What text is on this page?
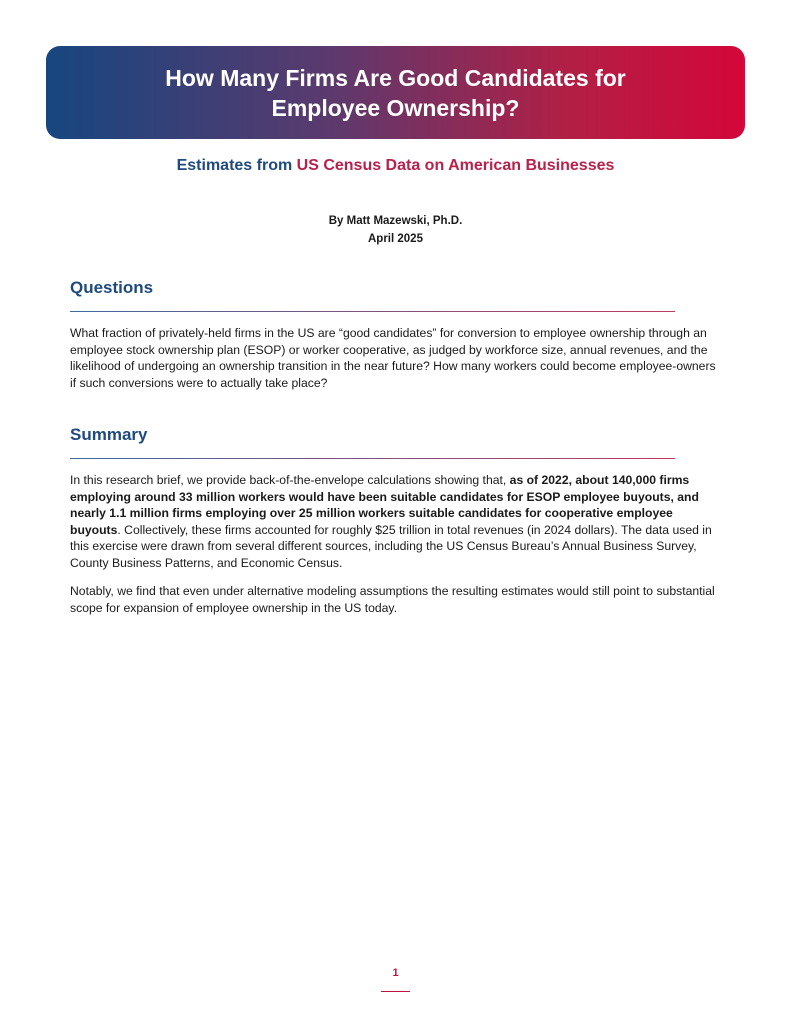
How Many Firms Are Good Candidates for Employee Ownership?
Estimates from US Census Data on American Businesses
By Matt Mazewski, Ph.D.
April 2025
Questions

What fraction of privately-held firms in the US are “good candidates” for conversion to employee ownership through an employee stock ownership plan (ESOP) or worker cooperative, as judged by workforce size, annual revenues, and the likelihood of undergoing an ownership transition in the near future? How many workers could become employee-owners if such conversions were to actually take place?

Summary

In this research brief, we provide back-of-the-envelope calculations showing that, as of 2022, about 140,000 firms employing around 33 million workers would have been suitable candidates for ESOP employee buyouts, and nearly 1.1 million firms employing over 25 million workers suitable candidates for cooperative employee buyouts. Collectively, these firms accounted for roughly $25 trillion in total revenues (in 2024 dollars). The data used in this exercise were drawn from several different sources, including the US Census Bureau’s Annual Business Survey, County Business Patterns, and Economic Census.

Notably, we find that even under alternative modeling assumptions the resulting estimates would still point to substantial scope for expansion of employee ownership in the US today.

1
